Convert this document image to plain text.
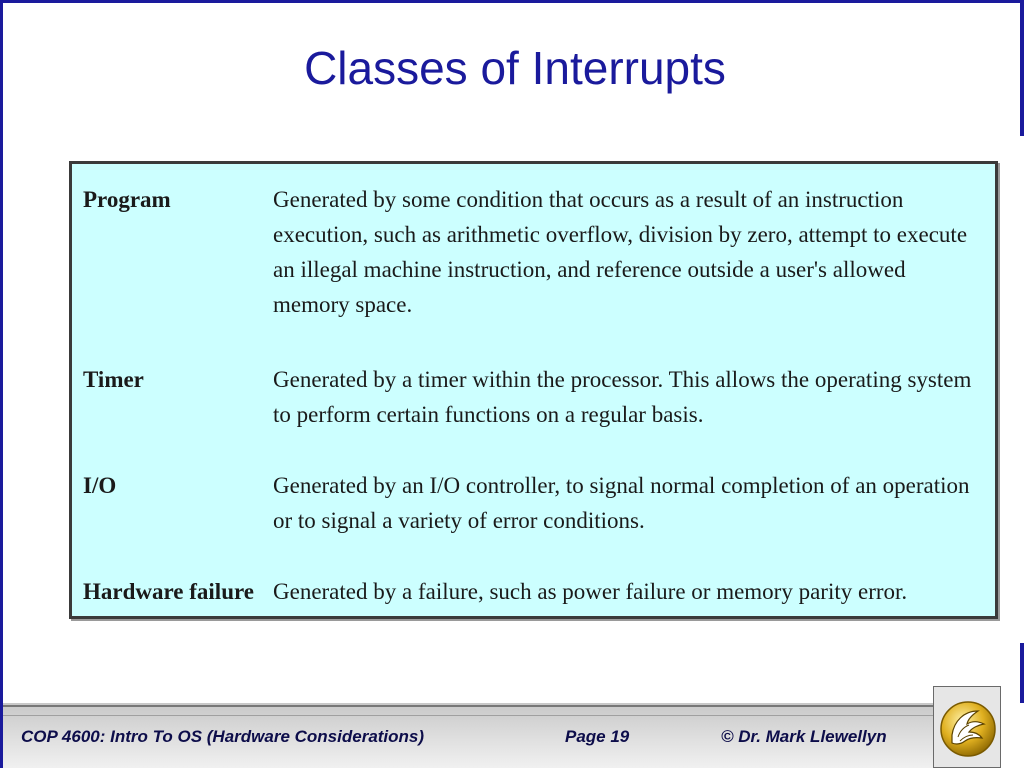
Classes of Interrupts
Program	Generated by some condition that occurs as a result of an instruction execution, such as arithmetic overflow, division by zero, attempt to execute an illegal machine instruction, and reference outside a user's allowed memory space.
Timer	Generated by a timer within the processor. This allows the operating system to perform certain functions on a regular basis.
I/O	Generated by an I/O controller, to signal normal completion of an operation or to signal a variety of error conditions.
Hardware failure Generated by a failure, such as power failure or memory parity error.
COP 4600: Intro To OS (Hardware Considerations)	Page 19	© Dr. Mark Llewellyn
